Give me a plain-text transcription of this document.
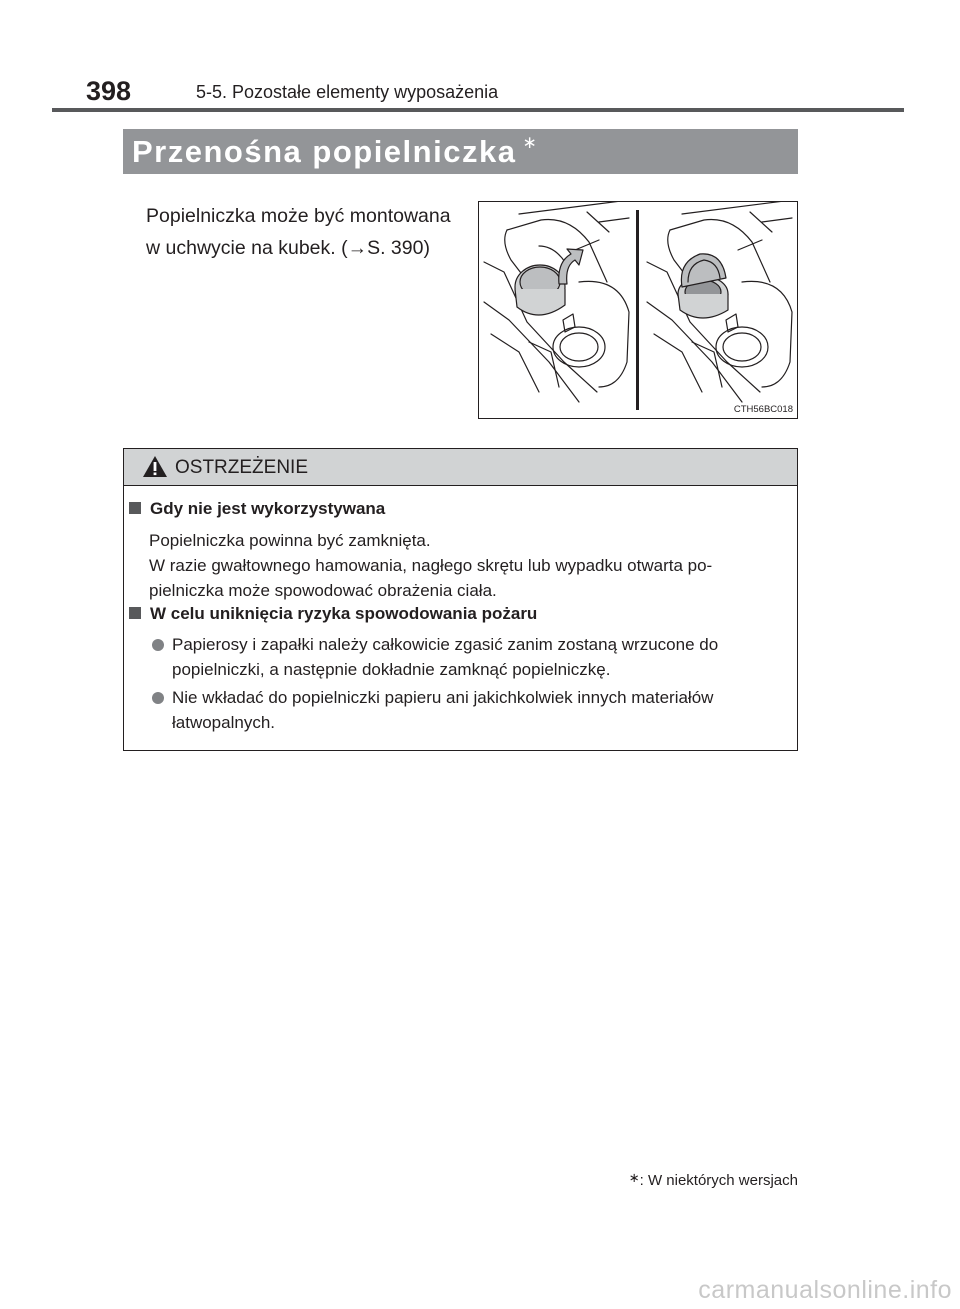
398	5-5. Pozostałe elementy wyposażenia
Przenośna popielniczka ∗
Popielniczka może być montowana
w uchwycie na kubek. (→S. 390)
CTH56BC018
OSTRZEŻENIE
Gdy nie jest wykorzystywana
Popielniczka powinna być zamknięta.
W razie gwałtownego hamowania, nagłego skrętu lub wypadku otwarta po-
pielniczka może spowodować obrażenia ciała.
W celu uniknięcia ryzyka spowodowania pożaru
Papierosy i zapałki należy całkowicie zgasić zanim zostaną wrzucone do
popielniczki, a następnie dokładnie zamknąć popielniczkę.
Nie wkładać do popielniczki papieru ani jakichkolwiek innych materiałów
łatwopalnych.
∗: W niektórych wersjach
carmanualsonline.info
